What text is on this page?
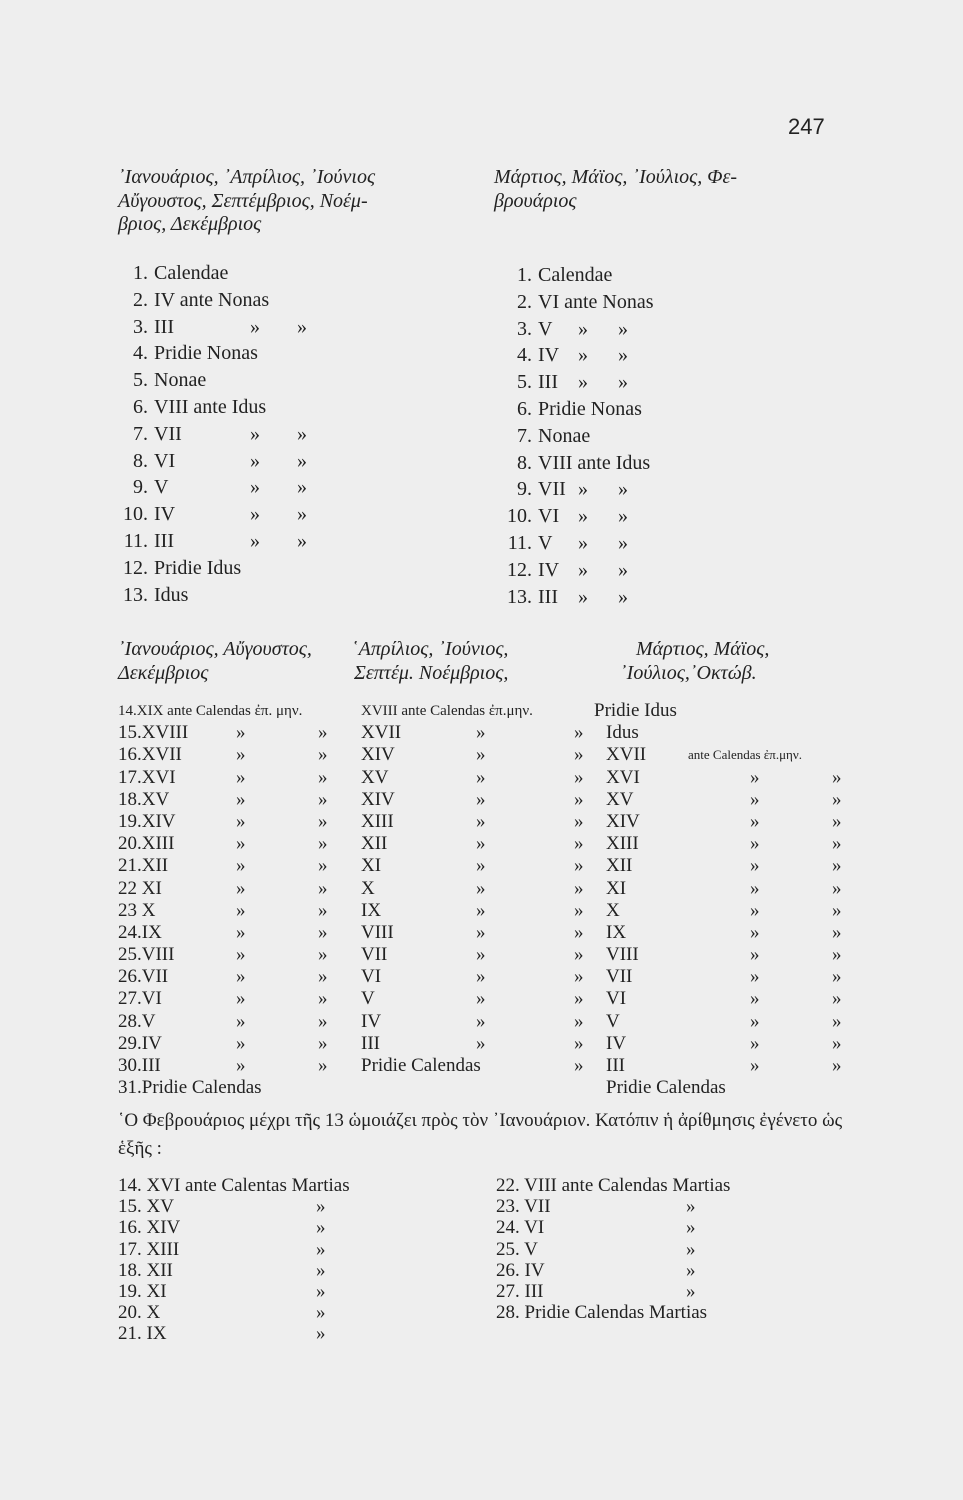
247
᾿Ιανουάριος, ᾿Απρίλιος, ᾿Ιούνιος
Αὔγουστος, Σεπτέμβριος, Νοέμ-
βριος, Δεκέμβριος
Μάρτιος, Μάϊος, ᾿Ιούλιος, Φε-
βρουάριος
1. Calendae
2. IV ante Nonas
3. III	» »
4. Pridie Nonas
5. Nonae
6. VIII ante Idus
7. VII	» »
8. VI	» »
9. V	» »
10. IV	» »
11. III	» »
12. Pridie Idus
13. Idus
1. Calendae
2. VI ante Nonas
3. V » »
4. IV » »
5. III » »
6. Pridie Nonas
7. Nonae
8. VIII ante Idus
9. VII » »
10. VI » »
11. V » »
12. IV » »
13. III » »
᾿Ιανουάριος, Αὔγουστος,
Δεκέμβριος
῾Απρίλιος, ᾿Ιούνιος,
Σεπτέμ. Νοέμβριος,
Μάρτιος, Μάϊος,
᾿Ιούλιος,᾿Οκτώβ.
14.XIX ante Calendas ἐπ. μην.	XVIII ante Calendas ἐπ.μην.	Pridie Idus
15.XVIII	»	» XVII	»	» Idus
16.XVII	»	» XIV	»	» XVII	ante Calendas ἐπ.μην.
17.XVI	»	» XV	»	» XVI	»	»
18.XV	»	» XIV	»	» XV	»	»
19.XIV	»	» XIII	»	» XIV	»	»
20.XIII	»	» XII	»	» XIII	»	»
21.XII	»	» XI	»	» XII	»	»
22 XI	»	» X	»	» XI	»	»
23 X	»	» IX	»	» X	»	»
24.IX	»	» VIII	»	» IX	»	»
25.VIII	»	» VII	»	» VIII	»	»
26.VII	»	» VI	»	» VII	»	»
27.VI	»	» V	»	» VI	»	»
28.V	»	» IV	»	» V	»	»
29.IV	»	» III	»	» IV	»	»
30.III	»	» Pridie Calendas	» III	»	»
31.Pridie Calendas	Pridie Calendas
῾Ο Φεβρουάριος μέχρι τῆς 13 ὡμοιάζει πρὸς τὸν ᾿Ιανουάριον. Κατόπιν ἡ ἀρίθμησις ἐγένετο ὡς ἑξῆς :
14. XVI ante Calentas Martias	22. VIII ante Calendas Martias
15. XV	»	23. VII	»
16. XIV	»	24. VI	»
17. XIII	»	25. V	»
18. XII	»	26. IV	»
19. XI	»	27. III	»
20. X	»	28. Pridie Calendas Martias
21. IX	»
